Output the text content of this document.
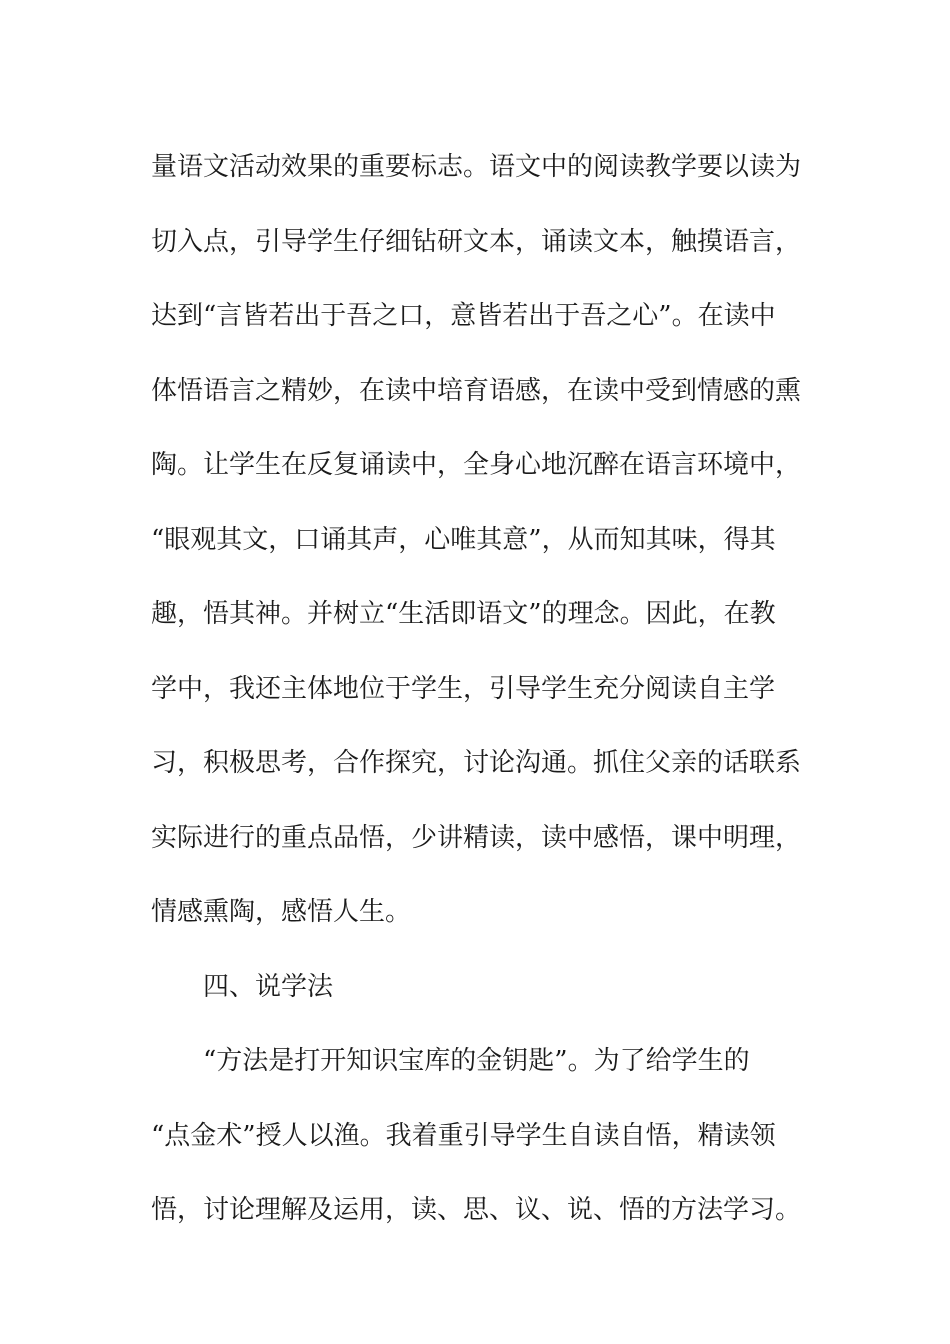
量语文活动效果的重要标志。语文中的阅读教学要以读为
切入点，引导学生仔细钻研文本，诵读文本，触摸语言，
达到“言皆若出于吾之口，意皆若出于吾之心”。在读中
体悟语言之精妙，在读中培育语感，在读中受到情感的熏
陶。让学生在反复诵读中，全身心地沉醉在语言环境中，
“眼观其文，口诵其声，心唯其意”，从而知其味，得其
趣，悟其神。并树立“生活即语文”的理念。因此，在教
学中，我还主体地位于学生，引导学生充分阅读自主学
习，积极思考，合作探究，讨论沟通。抓住父亲的话联系
实际进行的重点品悟，少讲精读，读中感悟，课中明理，
情感熏陶，感悟人生。
四、说学法
“方法是打开知识宝库的金钥匙”。为了给学生的
“点金术”授人以渔。我着重引导学生自读自悟，精读领
悟，讨论理解及运用，读、思、议、说、悟的方法学习。
